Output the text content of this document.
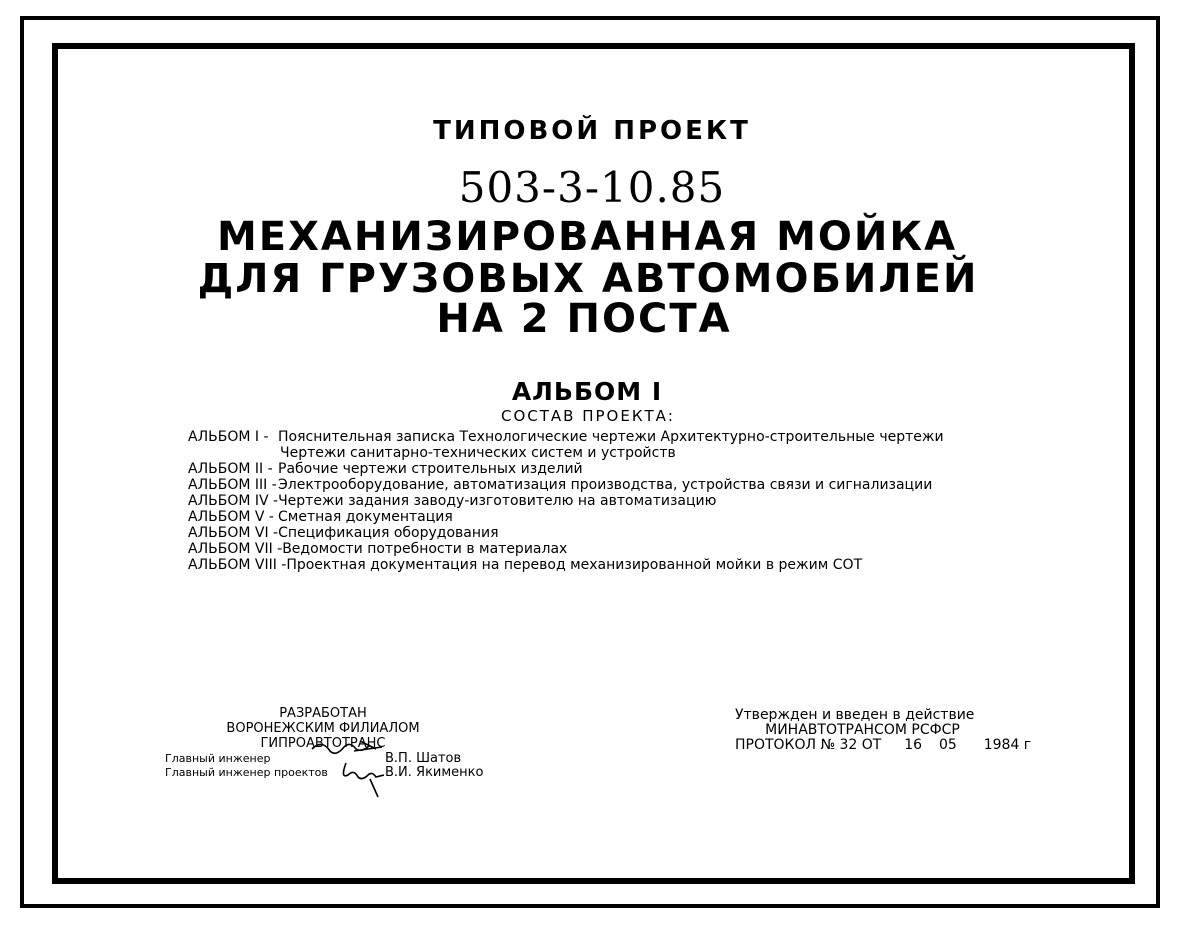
ТИПОВОЙ ПРОЕКТ
503-3-10.85
МЕХАНИЗИРОВАННАЯ МОЙКА
ДЛЯ ГРУЗОВЫХ АВТОМОБИЛЕЙ
НА 2 ПОСТА
АЛЬБОМ I
СОСТАВ ПРОЕКТА:
АЛЬБОМ I - Пояснительная записка Технологические чертежи Архитектурно-строительные чертежи
Чертежи санитарно-технических систем и устройств
АЛЬБОМ II - Рабочие чертежи строительных изделий
АЛЬБОМ III - Электрооборудование, автоматизация производства, устройства связи и сигнализации
АЛЬБОМ IV - Чертежи задания заводу-изготовителю на автоматизацию
АЛЬБОМ V - Сметная документация
АЛЬБОМ VI - Спецификация оборудования
АЛЬБОМ VII - Ведомости потребности в материалах
АЛЬБОМ VIII - Проектная документация на перевод механизированной мойки в режим СОТ
РАЗРАБОТАН
ВОРОНЕЖСКИМ ФИЛИАЛОМ ГИПРОАВТОТРАНС
Главный инженер	В.П. Шатов
Главный инженер проектов	В.И. Якименко
Утвержден и введен в действие
МИНАВТОТРАНСОМ РСФСР
ПРОТОКОЛ № 32 ОТ 16 05 1984 г
